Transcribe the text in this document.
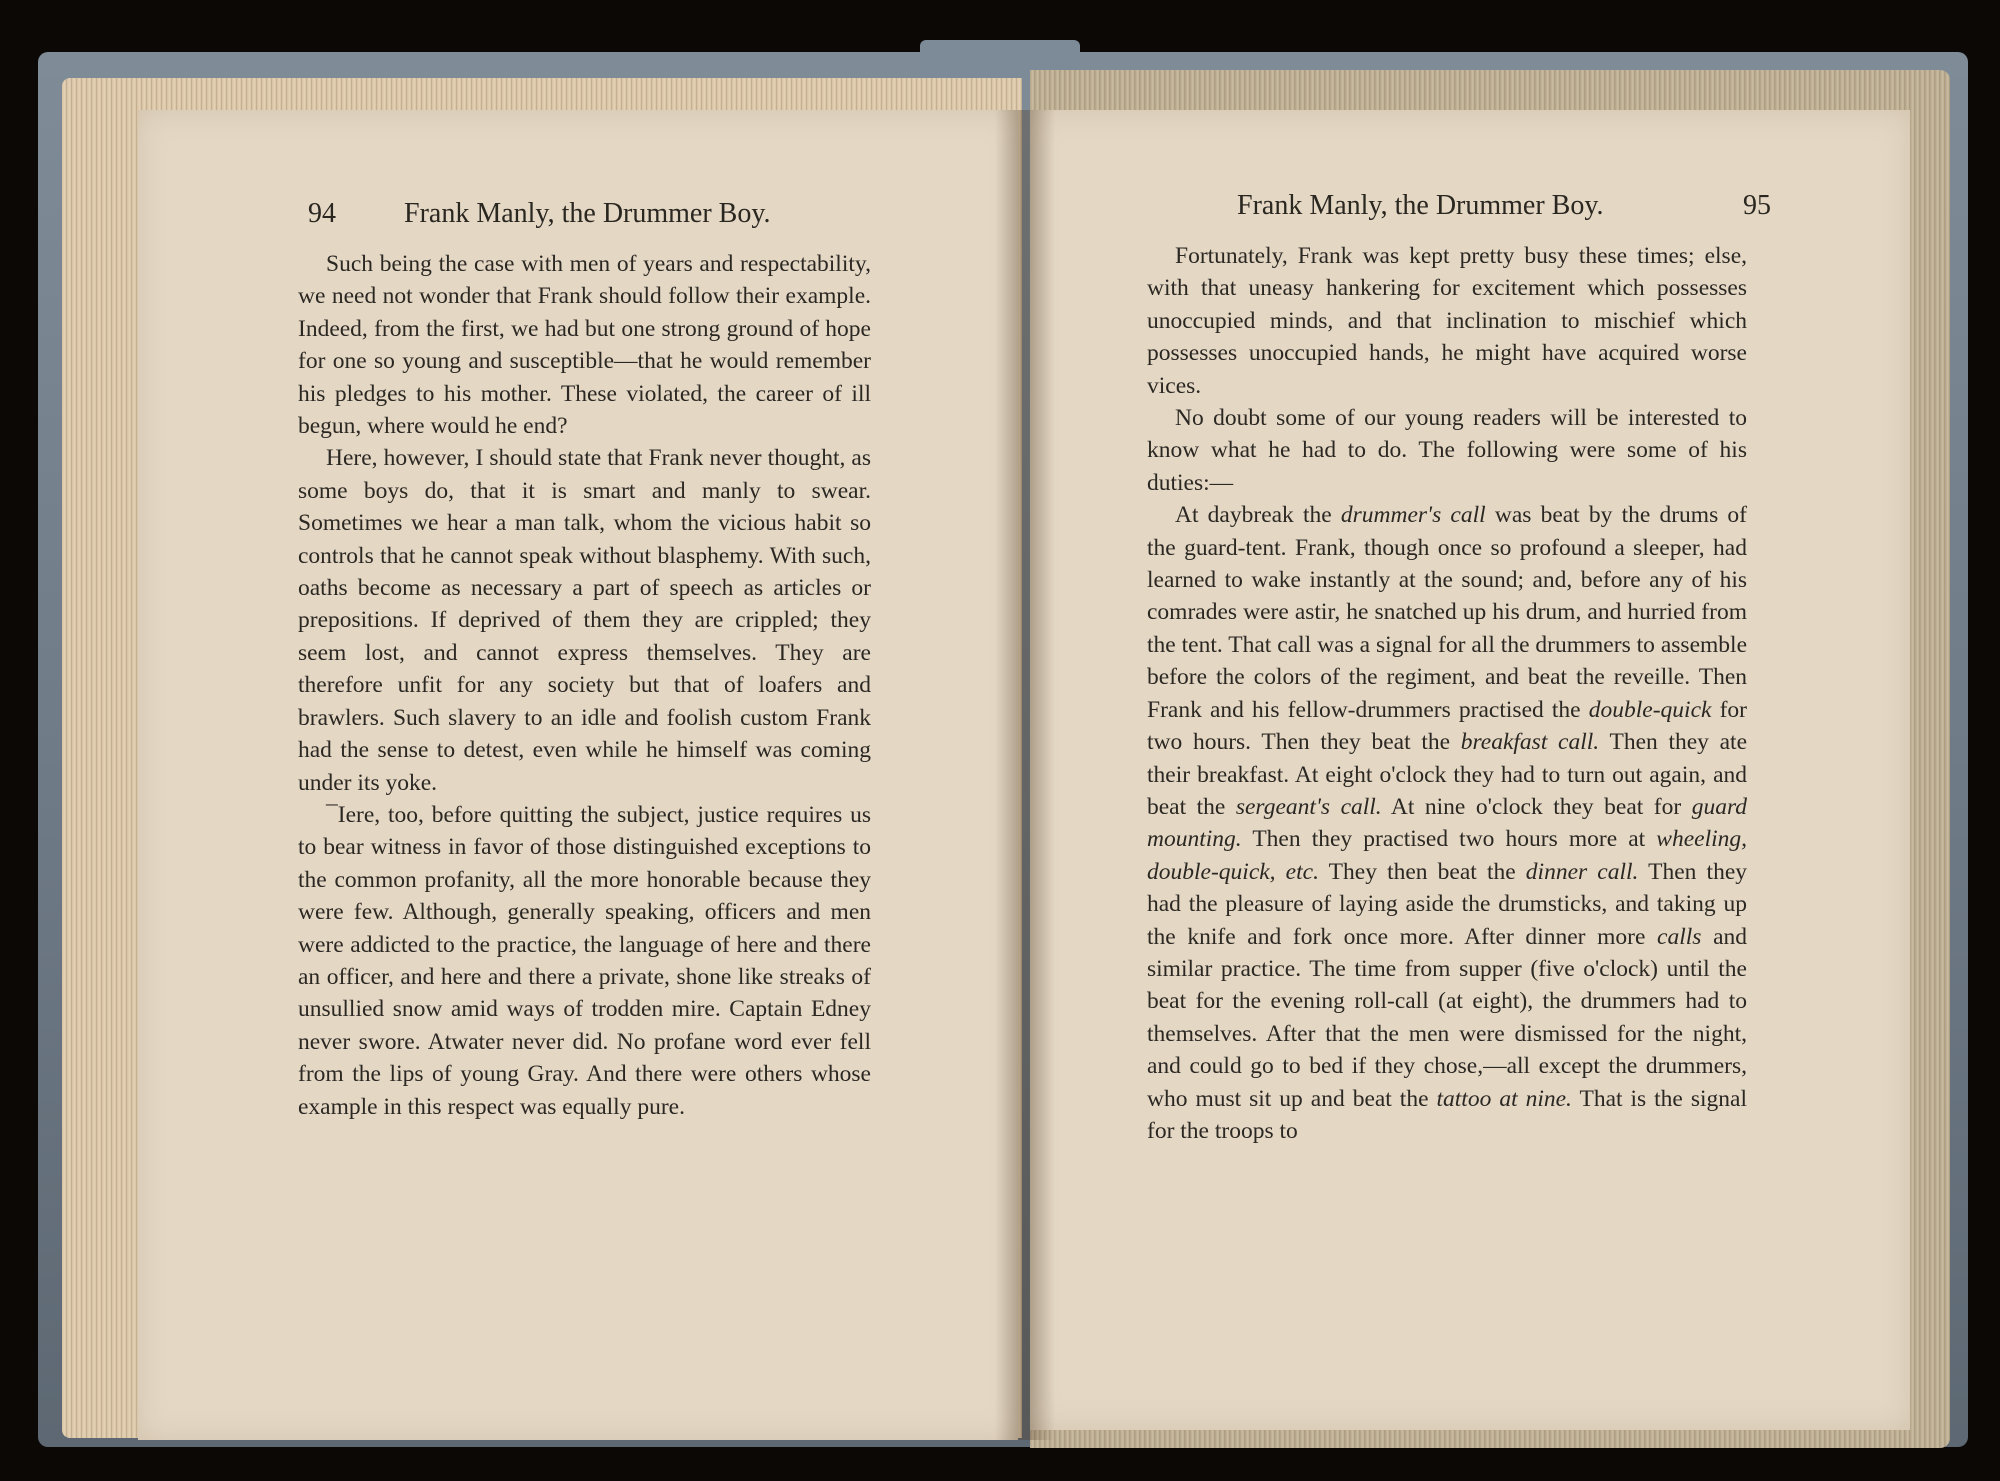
94 Frank Manly, the Drummer Boy.

Such being the case with men of years and respectability, we need not wonder that Frank should follow their example. Indeed, from the first, we had but one strong ground of hope for one so young and susceptible—that he would remember his pledges to his mother. These violated, the career of ill begun, where would he end?

Here, however, I should state that Frank never thought, as some boys do, that it is smart and manly to swear. Sometimes we hear a man talk, whom the vicious habit so controls that he cannot speak without blasphemy. With such, oaths become as necessary a part of speech as articles or prepositions. If deprived of them they are crippled; they seem lost, and cannot express themselves. They are therefore unfit for any society but that of loafers and brawlers. Such slavery to an idle and foolish custom Frank had the sense to detest, even while he himself was coming under its yoke.

¯Iere, too, before quitting the subject, justice requires us to bear witness in favor of those distinguished exceptions to the common profanity, all the more honorable because they were few. Although, generally speaking, officers and men were addicted to the practice, the language of here and there an officer, and here and there a private, shone like streaks of unsullied snow amid ways of trodden mire. Captain Edney never swore. Atwater never did. No profane word ever fell from the lips of young Gray. And there were others whose example in this respect was equally pure.

Frank Manly, the Drummer Boy.	95

Fortunately, Frank was kept pretty busy these times; else, with that uneasy hankering for excitement which possesses unoccupied minds, and that inclination to mischief which possesses unoccupied hands, he might have acquired worse vices.

No doubt some of our young readers will be interested to know what he had to do. The following were some of his duties:—

At daybreak the drummer's call was beat by the drums of the guard-tent. Frank, though once so profound a sleeper, had learned to wake instantly at the sound; and, before any of his comrades were astir, he snatched up his drum, and hurried from the tent. That call was a signal for all the drummers to assemble before the colors of the regiment, and beat the reveille. Then Frank and his fellow-drummers practised the double-quick for two hours. Then they beat the breakfast call. Then they ate their breakfast. At eight o'clock they had to turn out again, and beat the sergeant's call. At nine o'clock they beat for guard mounting. Then they practised two hours more at wheeling, double-quick, etc. They then beat the dinner call. Then they had the pleasure of laying aside the drumsticks, and taking up the knife and fork once more. After dinner more calls and similar practice. The time from supper (five o'clock) until the beat for the evening roll-call (at eight), the drummers had to themselves. After that the men were dismissed for the night, and could go to bed if they chose,—all except the drummers, who must sit up and beat the tattoo at nine. That is the signal for the troops to
